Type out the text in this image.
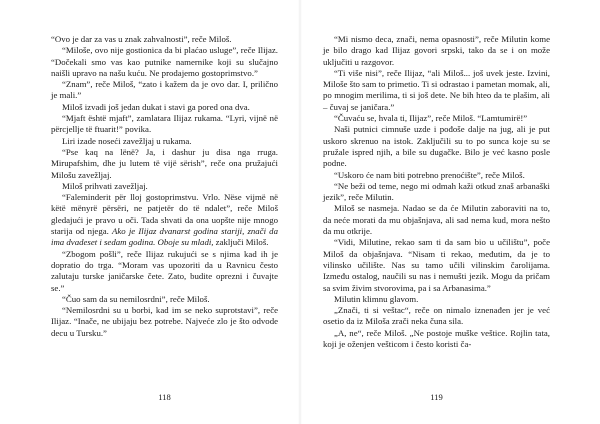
“Ovo je dar za vas u znak zahvalnosti”, reče Miloš.

“Miloše, ovo nije gostionica da bi plaćao usluge”, reče Ilijaz. “Dočekali smo vas kao putnike namernike koji su slučajno naišli upravo na našu kuću. Ne prodajemo gostoprimstvo.”

“Znam”, reče Miloš, “zato i kažem da je ovo dar. I, prilično je mali.”

Miloš izvadi još jedan dukat i stavi ga pored ona dva.

“Mjaft është mjaft”, zamlatara Ilijaz rukama. “Lyri, vijnë në përcjellje të ftuarit!” povika.

Liri izade noseći zavežljaj u rukama.

“Pse kaq na lënë? Ja, i dashur ju disa nga rruga. Mirupafshim, dhe ju lutem të vijë sërish”, reče ona pružajući Milošu zavežljaj.

Miloš prihvati zavežljaj.

“Faleminderit për lloj gostoprimstvu. Vrlo. Nëse vijmë në këtë mënyrë përsëri, ne patjetër do të ndalet”, reče Miloš gledajući je pravo u oči. Tada shvati da ona uopšte nije mnogo starija od njega. Ako je Ilijaz dvanarst godina stariji, znači da ima dvadeset i sedam godina. Oboje su mladi, zaključi Miloš.

“Zbogom pošli”, reče Ilijaz rukujući se s njima kad ih je dopratio do trga. “Moram vas upozoriti da u Ravnicu često zalutaju turske janičarske čete. Zato, budite oprezni i čuvajte se.”

“Čuo sam da su nemilosrdni”, reče Miloš.

“Nemilosrdni su u borbi, kad im se neko suprotstavi”, reče Ilijaz. “Inače, ne ubijaju bez potrebe. Najveće zlo je što odvode decu u Tursku.”

“Mi nismo deca, znači, nema opasnosti”, reče Milutin kome je bilo drago kad Ilijaz govori srpski, tako da se i on može uključiti u razgovor.

“Ti više nisi”, reče Ilijaz, “ali Miloš... još uvek jeste. Izvini, Miloše što sam to primetio. Ti si odrastao i pametan momak, ali, po mnogim merilima, ti si još dete. Ne bih hteo da te plašim, ali – čuvaj se janičara.”

“Čuvaću se, hvala ti, Ilijaz”, reče Miloš. “Lamtumirë!”

Naši putnici cimnuše uzde i pođoše dalje na jug, ali je put uskoro skrenuo na istok. Zaključili su to po sunca koje su se pružale ispred njih, a bile su dugačke. Bilo je već kasno posle podne.

“Uskoro će nam biti potrebno prenoćište”, reče Miloš.

“Ne beži od teme, nego mi odmah kaži otkud znaš arbanaški jezik”, reče Milutin.

Miloš se nasmeja. Nadao se da će Milutin zaboraviti na to, da neće morati da mu objašnjava, ali sad nema kud, mora nešto da mu otkrije.

“Vidi, Milutine, rekao sam ti da sam bio u učilištu”, poče Miloš da objašnjava. “Nisam ti rekao, međutim, da je to vilinsko učilište. Nas su tamo učili vilinskim čarolijama. Između ostalog, naučili su nas i nemušti jezik. Mogu da pričam sa svim živim stvorovima, pa i sa Arbanasima.”

Milutin klimnu glavom.

„Znači, ti si veštac“, reče on nimalo iznenađen jer je već osetio da iz Miloša zrači neka čuna sila.

„A, ne“, reče Miloš. „Ne postoje muške veštice. Rojlin tata, koji je oženjen vešticom i često koristi ča-

118	119
